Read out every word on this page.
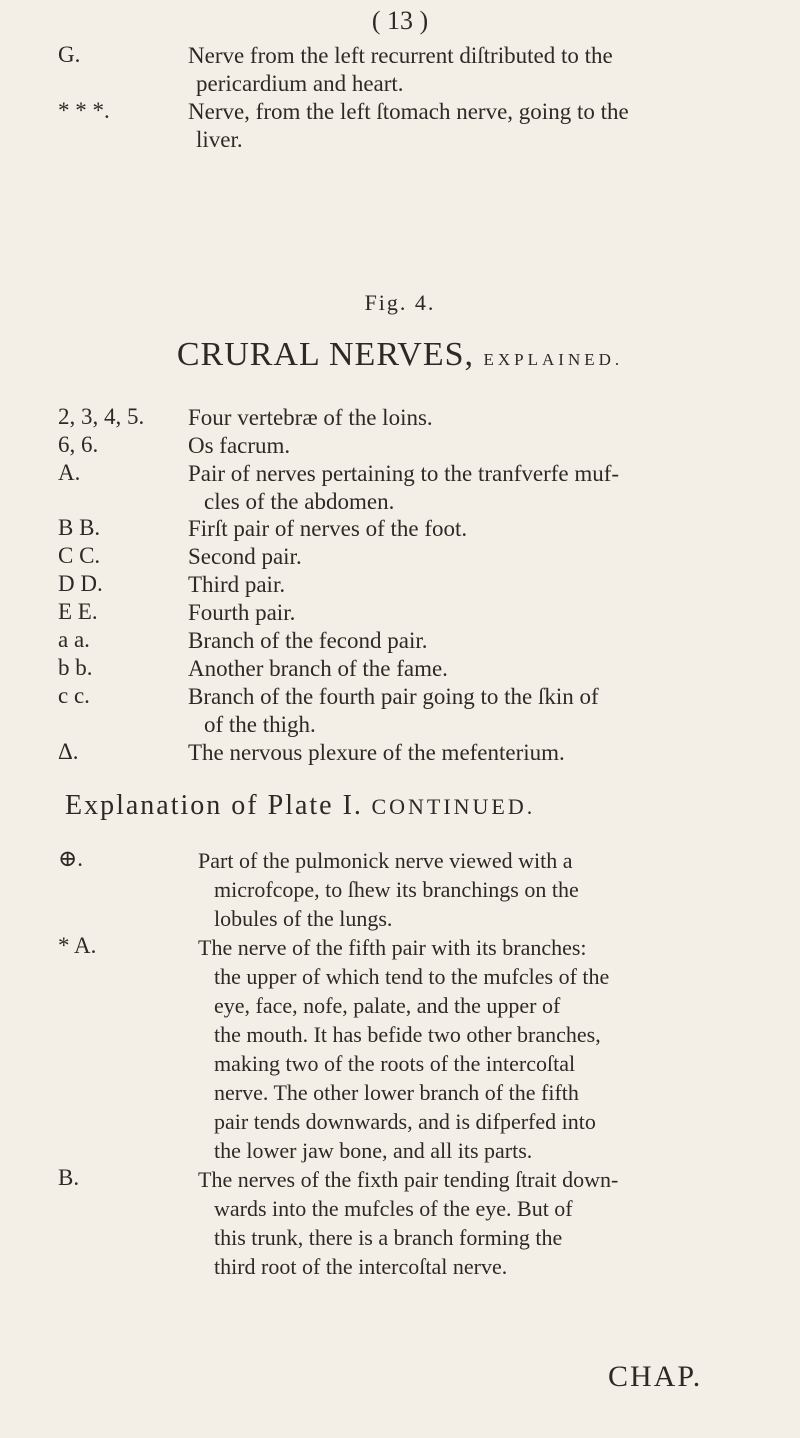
( 13 )
G.	Nerve from the left recurrent diſtributed to the
pericardium and heart.
* * *.	Nerve, from the left ſtomach nerve, going to the
liver.
Fig. 4.
CRURAL NERVES, EXPLAINED.
2, 3, 4, 5. Four vertebræ of the loins.
6, 6.	Os facrum.
A.	Pair of nerves pertaining to the tranfverfe muf-
cles of the abdomen.
B B.	Firſt pair of nerves of the foot.
C C.	Second pair.
D D.	Third pair.
E E.	Fourth pair.
a a.	Branch of the fecond pair.
b b.	Another branch of the fame.
c c.	Branch of the fourth pair going to the ſkin of
of the thigh.
Δ.	The nervous plexure of the mefenterium.
Explanation of Plate I. CONTINUED.
⊕.	Part of the pulmonick nerve viewed with a
microfcope, to ſhew its branchings on the
lobules of the lungs.
* A.	The nerve of the fifth pair with its branches:
the upper of which tend to the mufcles of the
eye, face, nofe, palate, and the upper of
the mouth. It has befide two other branches,
making two of the roots of the intercoſtal
nerve. The other lower branch of the fifth
pair tends downwards, and is difperfed into
the lower jaw bone, and all its parts.
B.	The nerves of the fixth pair tending ſtrait down-
wards into the mufcles of the eye. But of
this trunk, there is a branch forming the
third root of the intercoſtal nerve.
CHAP.
